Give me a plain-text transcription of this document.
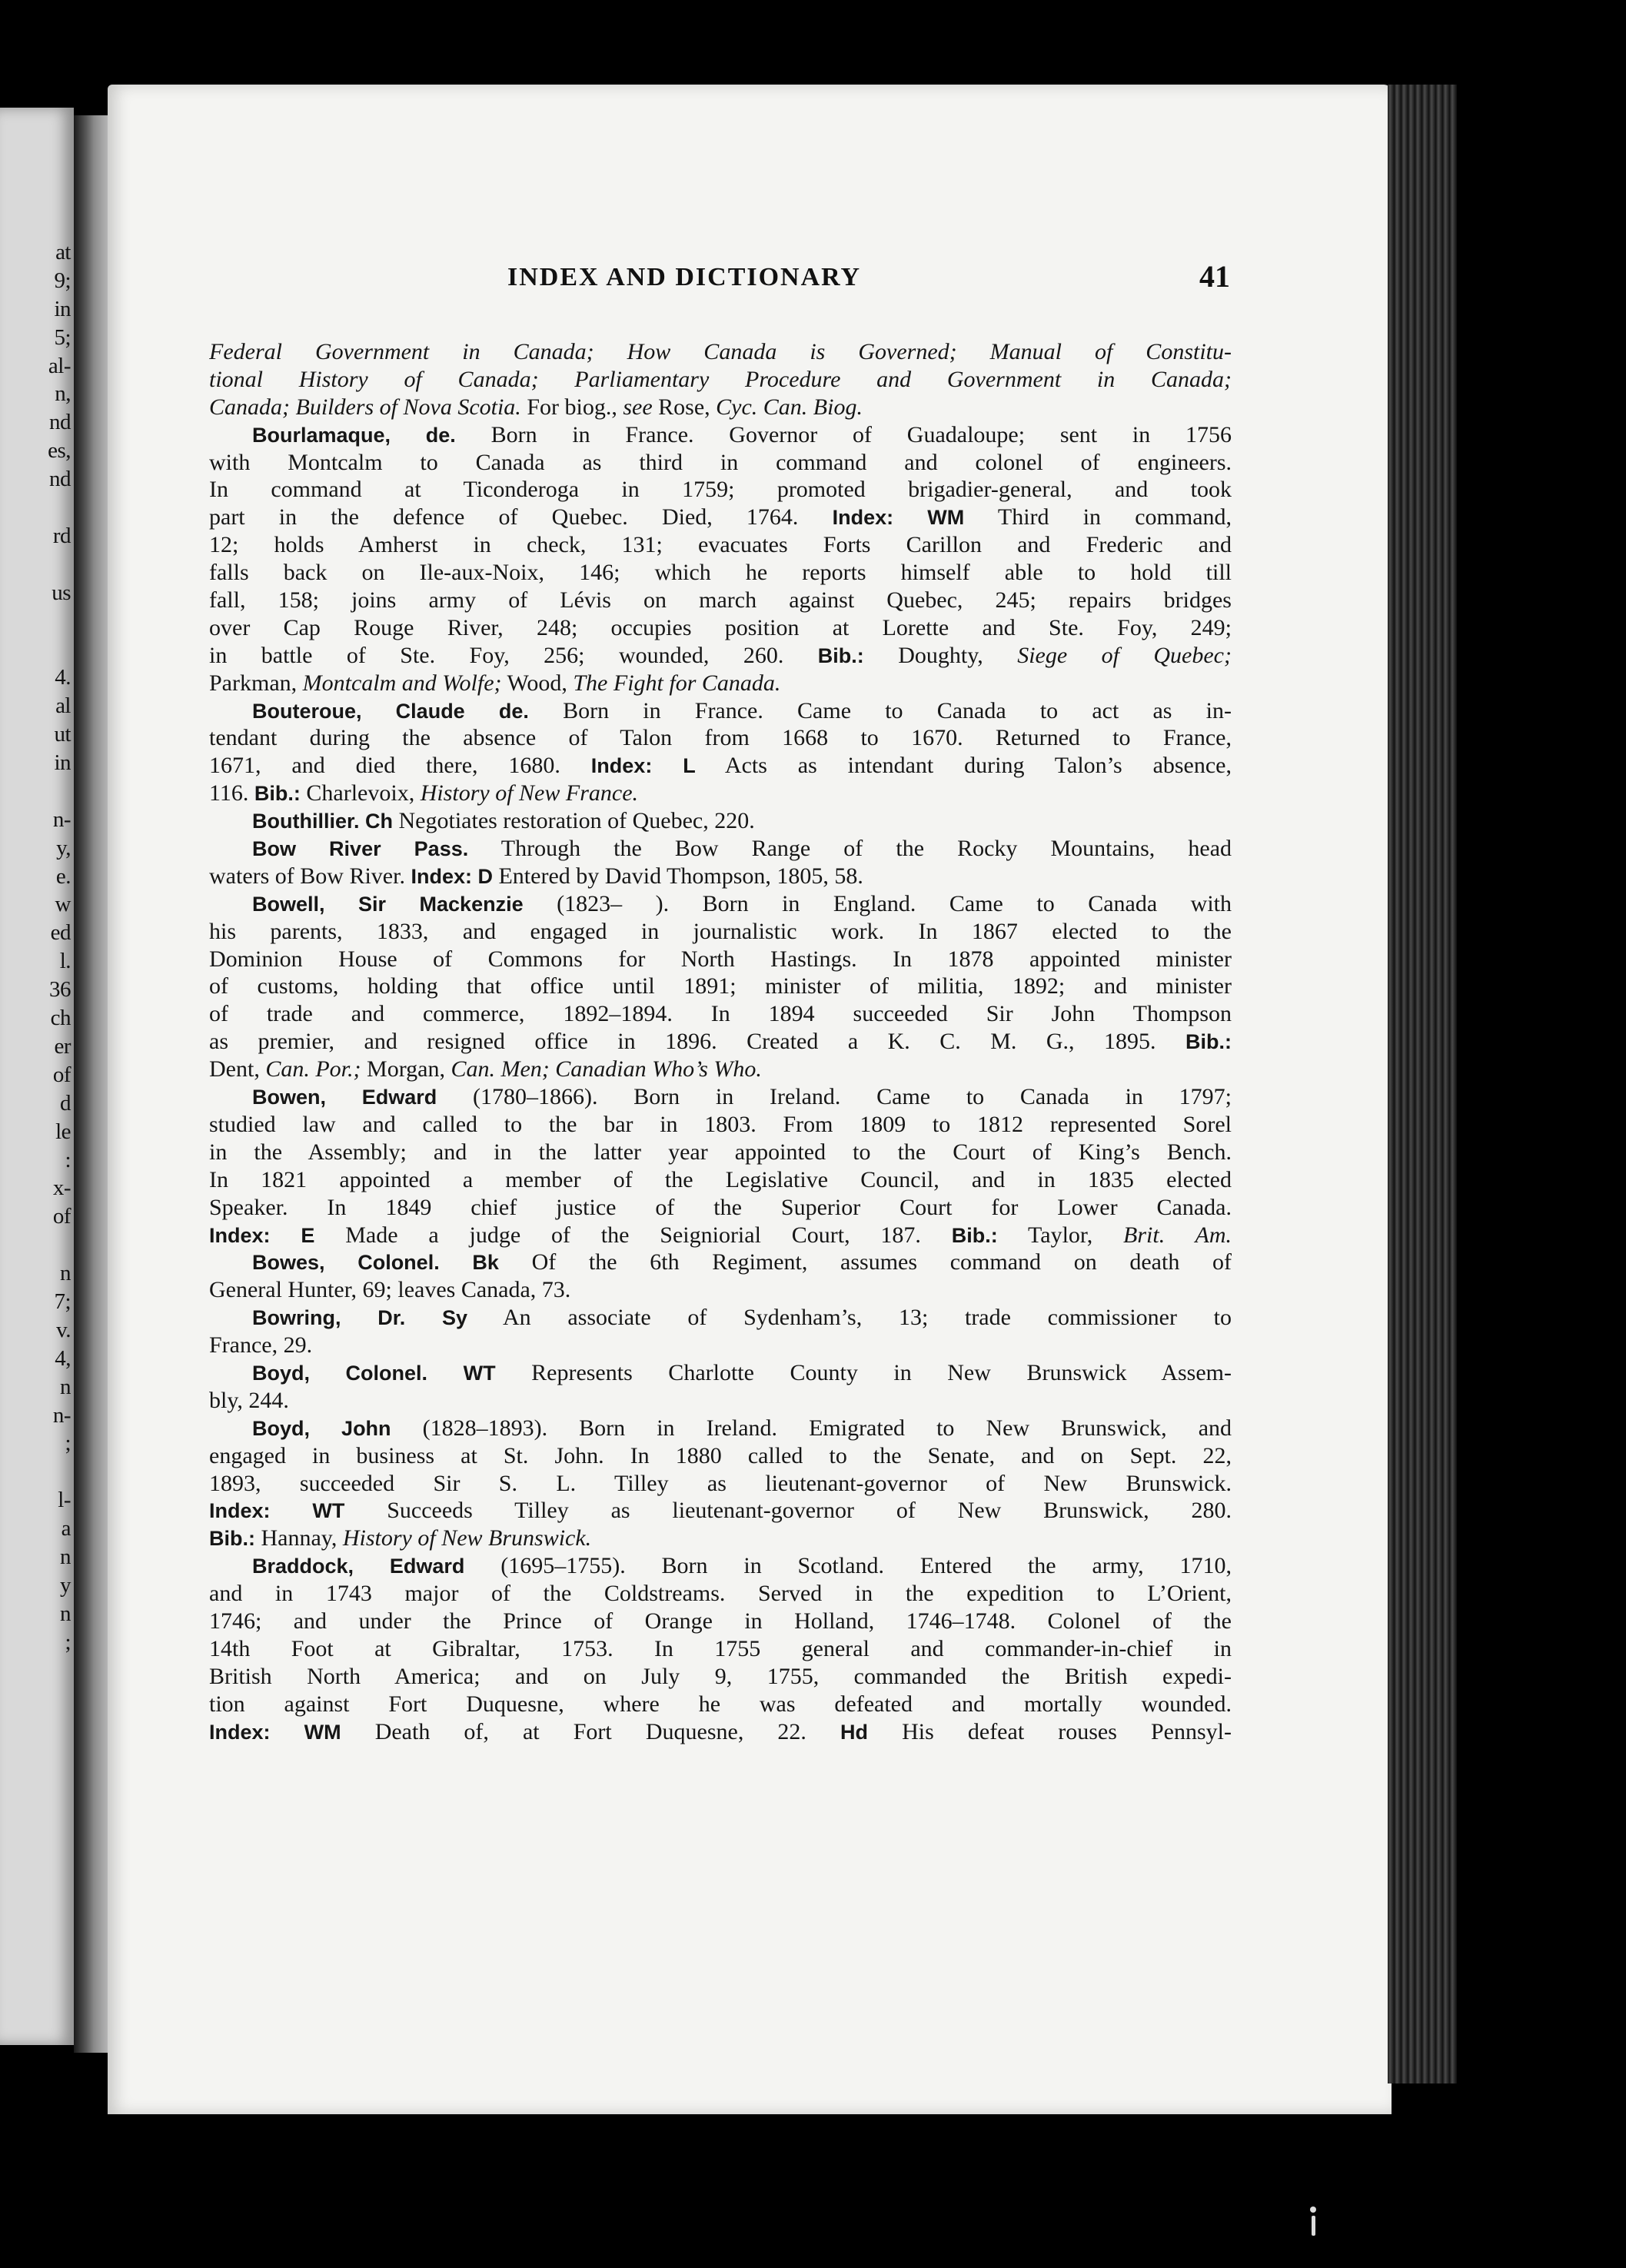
at
9;
in
5;
al-
n,
nd
es,
nd
rd
us
4.
al
ut
in
n-
y,
e.
w
ed
l.
36
ch
er
of
d
le
:
x-
of
n
7;
v.
4,
n
n-
;
l-
a
n
y
n
;
INDEX AND DICTIONARY	41
Federal Government in Canada; How Canada is Governed; Manual of Constitu-
tional History of Canada; Parliamentary Procedure and Government in Canada;
Canada; Builders of Nova Scotia. For biog., see Rose, Cyc. Can. Biog.
Bourlamaque, de. Born in France. Governor of Guadaloupe; sent in 1756
with Montcalm to Canada as third in command and colonel of engineers.
In command at Ticonderoga in 1759; promoted brigadier-general, and took
part in the defence of Quebec. Died, 1764. Index: WM Third in command,
12; holds Amherst in check, 131; evacuates Forts Carillon and Frederic and
falls back on Ile-aux-Noix, 146; which he reports himself able to hold till
fall, 158; joins army of Lévis on march against Quebec, 245; repairs bridges
over Cap Rouge River, 248; occupies position at Lorette and Ste. Foy, 249;
in battle of Ste. Foy, 256; wounded, 260. Bib.: Doughty, Siege of Quebec;
Parkman, Montcalm and Wolfe; Wood, The Fight for Canada.
Bouteroue, Claude de. Born in France. Came to Canada to act as in-
tendant during the absence of Talon from 1668 to 1670. Returned to France,
1671, and died there, 1680. Index: L Acts as intendant during Talon’s absence,
116. Bib.: Charlevoix, History of New France.
Bouthillier. Ch Negotiates restoration of Quebec, 220.
Bow River Pass. Through the Bow Range of the Rocky Mountains, head
waters of Bow River. Index: D Entered by David Thompson, 1805, 58.
Bowell, Sir Mackenzie (1823– ). Born in England. Came to Canada with
his parents, 1833, and engaged in journalistic work. In 1867 elected to the
Dominion House of Commons for North Hastings. In 1878 appointed minister
of customs, holding that office until 1891; minister of militia, 1892; and minister
of trade and commerce, 1892–1894. In 1894 succeeded Sir John Thompson
as premier, and resigned office in 1896. Created a K. C. M. G., 1895. Bib.:
Dent, Can. Por.; Morgan, Can. Men; Canadian Who’s Who.
Bowen, Edward (1780–1866). Born in Ireland. Came to Canada in 1797;
studied law and called to the bar in 1803. From 1809 to 1812 represented Sorel
in the Assembly; and in the latter year appointed to the Court of King’s Bench.
In 1821 appointed a member of the Legislative Council, and in 1835 elected
Speaker. In 1849 chief justice of the Superior Court for Lower Canada.
Index: E Made a judge of the Seigniorial Court, 187. Bib.: Taylor, Brit. Am.
Bowes, Colonel. Bk Of the 6th Regiment, assumes command on death of
General Hunter, 69; leaves Canada, 73.
Bowring, Dr. Sy An associate of Sydenham’s, 13; trade commissioner to
France, 29.
Boyd, Colonel. WT Represents Charlotte County in New Brunswick Assem-
bly, 244.
Boyd, John (1828–1893). Born in Ireland. Emigrated to New Brunswick, and
engaged in business at St. John. In 1880 called to the Senate, and on Sept. 22,
1893, succeeded Sir S. L. Tilley as lieutenant-governor of New Brunswick.
Index: WT Succeeds Tilley as lieutenant-governor of New Brunswick, 280.
Bib.: Hannay, History of New Brunswick.
Braddock, Edward (1695–1755). Born in Scotland. Entered the army, 1710,
and in 1743 major of the Coldstreams. Served in the expedition to L’Orient,
1746; and under the Prince of Orange in Holland, 1746–1748. Colonel of the
14th Foot at Gibraltar, 1753. In 1755 general and commander-in-chief in
British North America; and on July 9, 1755, commanded the British expedi-
tion against Fort Duquesne, where he was defeated and mortally wounded.
Index: WM Death of, at Fort Duquesne, 22. Hd His defeat rouses Pennsyl-
